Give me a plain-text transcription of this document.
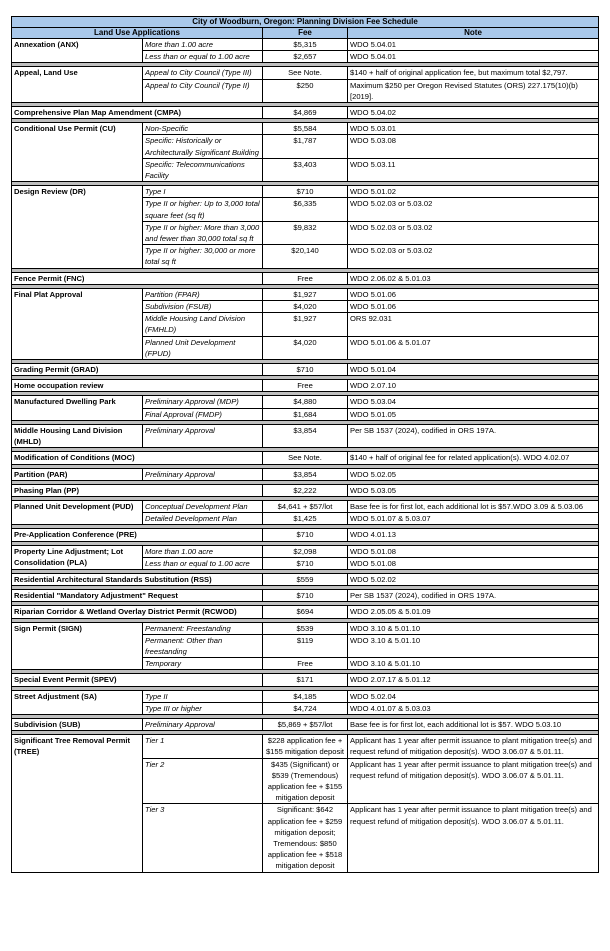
City of Woodburn, Oregon: Planning Division Fee Schedule			
Land Use Applications		Fee	Note
Annexation (ANX)	More than 1.00 acre	$5,315	WDO 5.04.01
	Less than or equal to 1.00 acre	$2,657	WDO 5.04.01

Appeal, Land Use	Appeal to City Council (Type III)	See Note.	$140 + half of original application fee, but maximum total $2,797.
	Appeal to City Council (Type II)	$250	Maximum $250 per Oregon Revised Statutes (ORS) 227.175(10)(b) [2019].

Comprehensive Plan Map Amendment (CMPA)		$4,869	WDO 5.04.02

Conditional Use Permit (CU)	Non-Specific	$5,584	WDO 5.03.01
	Specific: Historically or Architecturally Significant Building	$1,787	WDO 5.03.08
	Specific: Telecommunications Facility	$3,403	WDO 5.03.11

Design Review (DR)	Type I	$710	WDO 5.01.02
	Type II or higher: Up to 3,000 total square feet (sq ft)	$6,335	WDO 5.02.03 or 5.03.02
	Type II or higher: More than 3,000 and fewer than 30,000 total sq ft	$9,832	WDO 5.02.03 or 5.03.02
	Type II or higher: 30,000 or more total sq ft	$20,140	WDO 5.02.03 or 5.03.02

Fence Permit (FNC)		Free	WDO 2.06.02 & 5.01.03

Final Plat Approval	Partition (FPAR)	$1,927	WDO 5.01.06
	Subdivision (FSUB)	$4,020	WDO 5.01.06
	Middle Housing Land Division (FMHLD)	$1,927	ORS 92.031
	Planned Unit Development (FPUD)	$4,020	WDO 5.01.06 & 5.01.07

Grading Permit (GRAD)		$710	WDO 5.01.04

Home occupation review		Free	WDO 2.07.10

Manufactured Dwelling Park	Preliminary Approval (MDP)	$4,880	WDO 5.03.04
	Final Approval (FMDP)	$1,684	WDO 5.01.05

Middle Housing Land Division (MHLD)	Preliminary Approval	$3,854	Per SB 1537 (2024), codified in ORS 197A.

Modification of Conditions (MOC)		See Note.	$140 + half of original fee for related application(s). WDO 4.02.07

Partition (PAR)	Preliminary Approval	$3,854	WDO 5.02.05

Phasing Plan (PP)		$2,222	WDO 5.03.05

Planned Unit Development (PUD)	Conceptual Development Plan	$4,641 + $57/lot	Base fee is for first lot, each additional lot is $57.WDO 3.09 & 5.03.06
	Detailed Development Plan	$1,425	WDO 5.01.07 & 5.03.07

Pre-Application Conference (PRE)		$710	WDO 4.01.13

Property Line Adjustment; Lot Consolidation (PLA)	More than 1.00 acre	$2,098	WDO 5.01.08
	Less than or equal to 1.00 acre	$710	WDO 5.01.08

Residential Architectural Standards Substitution (RSS)		$559	WDO 5.02.02

Residential "Mandatory Adjustment" Request		$710	Per SB 1537 (2024), codified in ORS 197A.

Riparian Corridor & Wetland Overlay District Permit (RCWOD)		$694	WDO 2.05.05 & 5.01.09

Sign Permit (SIGN)	Permanent: Freestanding	$539	WDO 3.10 & 5.01.10
	Permanent: Other than freestanding	$119	WDO 3.10 & 5.01.10
	Temporary	Free	WDO 3.10 & 5.01.10

Special Event Permit (SPEV)		$171	WDO 2.07.17 & 5.01.12

Street Adjustment (SA)	Type II	$4,185	WDO 5.02.04
	Type III or higher	$4,724	WDO 4.01.07 & 5.03.03

Subdivision (SUB)	Preliminary Approval	$5,869 + $57/lot	Base fee is for first lot, each additional lot is $57. WDO 5.03.10

Significant Tree Removal Permit (TREE)	Tier 1	$228 application fee + $155 mitigation deposit	Applicant has 1 year after permit issuance to plant mitigation tree(s) and request refund of mitigation deposit(s). WDO 3.06.07 & 5.01.11.
	Tier 2	$435 (Significant) or $539 (Tremendous) application fee + $155 mitigation deposit	Applicant has 1 year after permit issuance to plant mitigation tree(s) and request refund of mitigation deposit(s). WDO 3.06.07 & 5.01.11.
	Tier 3	Significant: $642 application fee + $259 mitigation deposit; Tremendous: $850 application fee + $518 mitigation deposit	Applicant has 1 year after permit issuance to plant mitigation tree(s) and request refund of mitigation deposit(s). WDO 3.06.07 & 5.01.11.
